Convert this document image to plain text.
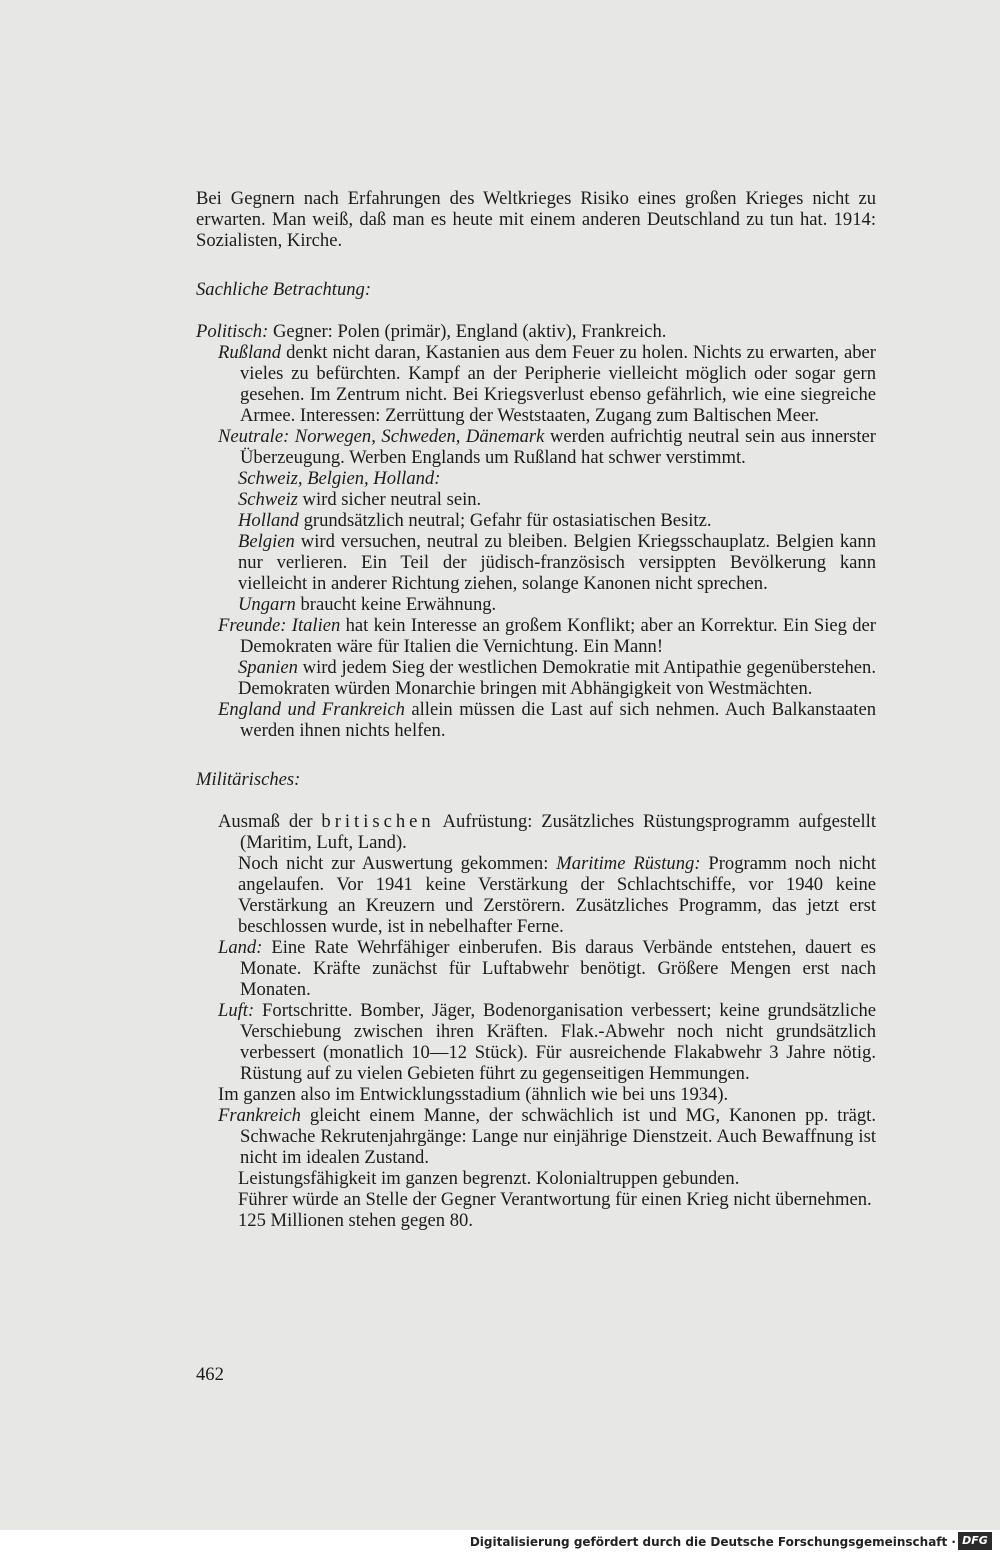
Bei Gegnern nach Erfahrungen des Weltkrieges Risiko eines großen Krieges nicht zu erwarten. Man weiß, daß man es heute mit einem anderen Deutschland zu tun hat. 1914: Sozialisten, Kirche.

Sachliche Betrachtung:

Politisch: Gegner: Polen (primär), England (aktiv), Frankreich.

Rußland denkt nicht daran, Kastanien aus dem Feuer zu holen. Nichts zu erwarten, aber vieles zu befürchten. Kampf an der Peripherie vielleicht möglich oder sogar gern gesehen. Im Zentrum nicht. Bei Kriegsverlust ebenso gefährlich, wie eine siegreiche Armee. Interessen: Zerrüttung der Weststaaten, Zugang zum Baltischen Meer.

Neutrale: Norwegen, Schweden, Dänemark werden aufrichtig neutral sein aus innerster Überzeugung. Werben Englands um Rußland hat schwer verstimmt.

Schweiz, Belgien, Holland:

Schweiz wird sicher neutral sein.

Holland grundsätzlich neutral; Gefahr für ostasiatischen Besitz.

Belgien wird versuchen, neutral zu bleiben. Belgien Kriegsschauplatz. Belgien kann nur verlieren. Ein Teil der jüdisch-französisch versippten Bevölkerung kann vielleicht in anderer Richtung ziehen, solange Kanonen nicht sprechen.

Ungarn braucht keine Erwähnung.

Freunde: Italien hat kein Interesse an großem Konflikt; aber an Korrektur. Ein Sieg der Demokraten wäre für Italien die Vernichtung. Ein Mann!

Spanien wird jedem Sieg der westlichen Demokratie mit Antipathie gegenüberstehen. Demokraten würden Monarchie bringen mit Abhängigkeit von Westmächten.

England und Frankreich allein müssen die Last auf sich nehmen. Auch Balkanstaaten werden ihnen nichts helfen.

Militärisches:

Ausmaß der britischen Aufrüstung: Zusätzliches Rüstungsprogramm aufgestellt (Maritim, Luft, Land).

Noch nicht zur Auswertung gekommen: Maritime Rüstung: Programm noch nicht angelaufen. Vor 1941 keine Verstärkung der Schlachtschiffe, vor 1940 keine Verstärkung an Kreuzern und Zerstörern. Zusätzliches Programm, das jetzt erst beschlossen wurde, ist in nebelhafter Ferne.

Land: Eine Rate Wehrfähiger einberufen. Bis daraus Verbände entstehen, dauert es Monate. Kräfte zunächst für Luftabwehr benötigt. Größere Mengen erst nach Monaten.

Luft: Fortschritte. Bomber, Jäger, Bodenorganisation verbessert; keine grundsätzliche Verschiebung zwischen ihren Kräften. Flak.-Abwehr noch nicht grundsätzlich verbessert (monatlich 10—12 Stück). Für ausreichende Flakabwehr 3 Jahre nötig. Rüstung auf zu vielen Gebieten führt zu gegenseitigen Hemmungen.

Im ganzen also im Entwicklungsstadium (ähnlich wie bei uns 1934).

Frankreich gleicht einem Manne, der schwächlich ist und MG, Kanonen pp. trägt. Schwache Rekrutenjahrgänge: Lange nur einjährige Dienstzeit. Auch Bewaffnung ist nicht im idealen Zustand.

Leistungsfähigkeit im ganzen begrenzt. Kolonialtruppen gebunden.

Führer würde an Stelle der Gegner Verantwortung für einen Krieg nicht übernehmen.

125 Millionen stehen gegen 80.

462
Digitalisierung gefördert durch die Deutsche Forschungsgemeinschaft · DFG
